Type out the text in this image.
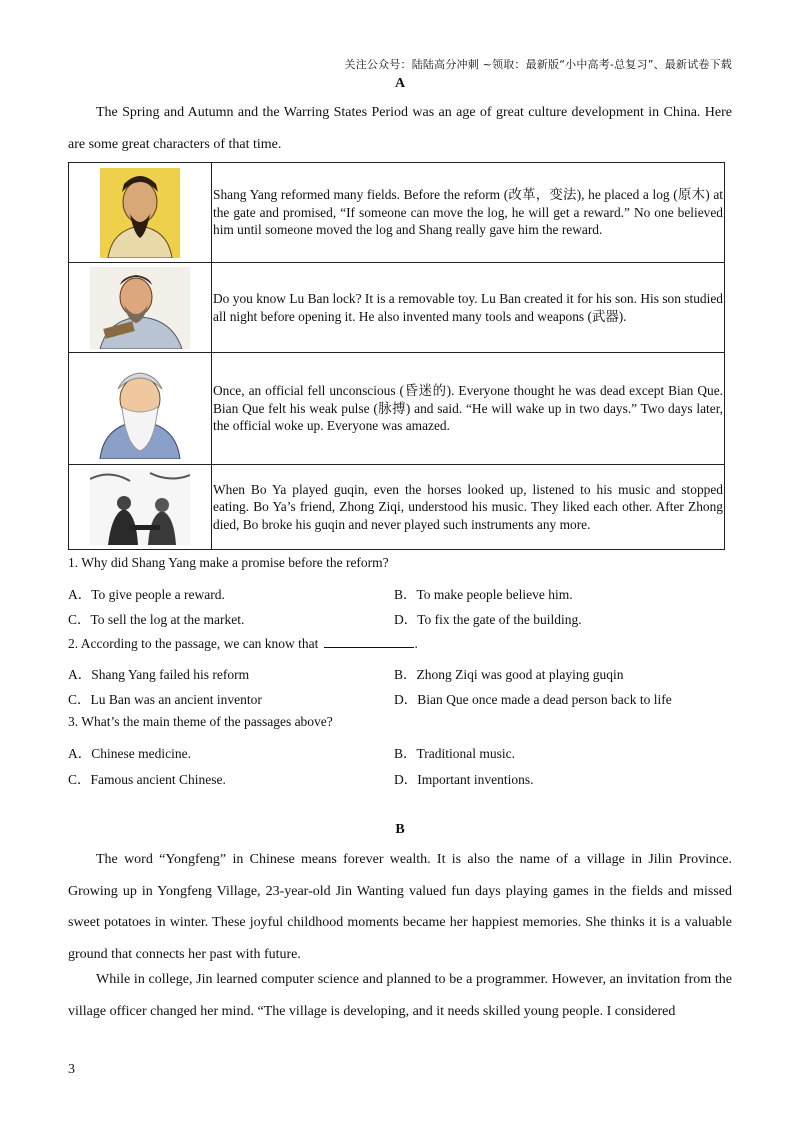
关注公众号：陆陆高分冲刺 ~领取：最新版“小中高考-总复习”、最新试卷下载
A
The Spring and Autumn and the Warring States Period was an age of great culture development in China. Here are some great characters of that time.
	Shang Yang reformed many fields. Before the reform (改革，变法), he placed a log (原木) at the gate and promised, “If someone can move the log, he will get a reward.” No one believed him until someone moved the log and Shang really gave him the reward.

	Do you know Lu Ban lock? It is a removable toy. Lu Ban created it for his son. His son studied all night before opening it. He also invented many tools and weapons (武器).

	Once, an official fell unconscious (昏迷的). Everyone thought he was dead except Bian Que. Bian Que felt his weak pulse (脉搏) and said. “He will wake up in two days.” Two days later, the official woke up. Everyone was amazed.

	When Bo Ya played guqin, even the horses looked up, listened to his music and stopped eating. Bo Ya’s friend, Zhong Ziqi, understood his music. They liked each other. After Zhong died, Bo broke his guqin and never played such instruments any more.
1. Why did Shang Yang make a promise before the reform?
A．To give people a reward.	B．To make people believe him.
C．To sell the log at the market.	D．To fix the gate of the building.
2. According to the passage, we can know that	.
A．Shang Yang failed his reform	B．Zhong Ziqi was good at playing guqin
C．Lu Ban was an ancient inventor	D．Bian Que once made a dead person back to life
3. What’s the main theme of the passages above?
A．Chinese medicine.	B．Traditional music.
C．Famous ancient Chinese.	D．Important inventions.
B
The word “Yongfeng” in Chinese means forever wealth. It is also the name of a village in Jilin Province. Growing up in Yongfeng Village, 23-year-old Jin Wanting valued fun days playing games in the fields and missed sweet potatoes in winter. These joyful childhood moments became her happiest memories. She thinks it is a valuable ground that connects her past with future.
While in college, Jin learned computer science and planned to be a programmer. However, an invitation from the village officer changed her mind. “The village is developing, and it needs skilled young people. I considered
3
